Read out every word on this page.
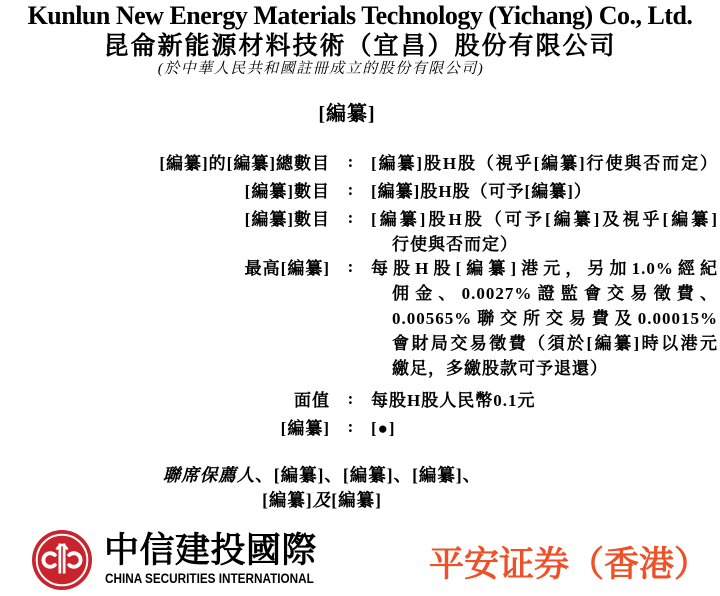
Kunlun New Energy Materials Technology (Yichang) Co., Ltd.
昆侖新能源材料技術（宜昌）股份有限公司
(於中華人民共和國註冊成立的股份有限公司)
[編纂]
[編纂]的[編纂]總數目	:	[編纂]股H股（視乎[編纂]行使與否而定）
[編纂]數目	:	[編纂]股H股（可予[編纂]）
[編纂]數目	:	[編纂]股H股（可予[編纂]及視乎[編纂]
行使與否而定）
最高[編纂]	:	每股H股[編纂]港元，另加1.0%經紀
佣金、0.0027%證監會交易徵費、
0.00565%聯交所交易費及0.00015%
會財局交易徵費（須於[編纂]時以港元
繳足，多繳股款可予退還）
面值	:	每股H股人民幣0.1元
[編纂]	:	[●]
聯席保薦人、[編纂]、[編纂]、[編纂]、
[編纂]及[編纂]
中信建投國際
CHINA SECURITIES INTERNATIONAL	平安证券（香港）
